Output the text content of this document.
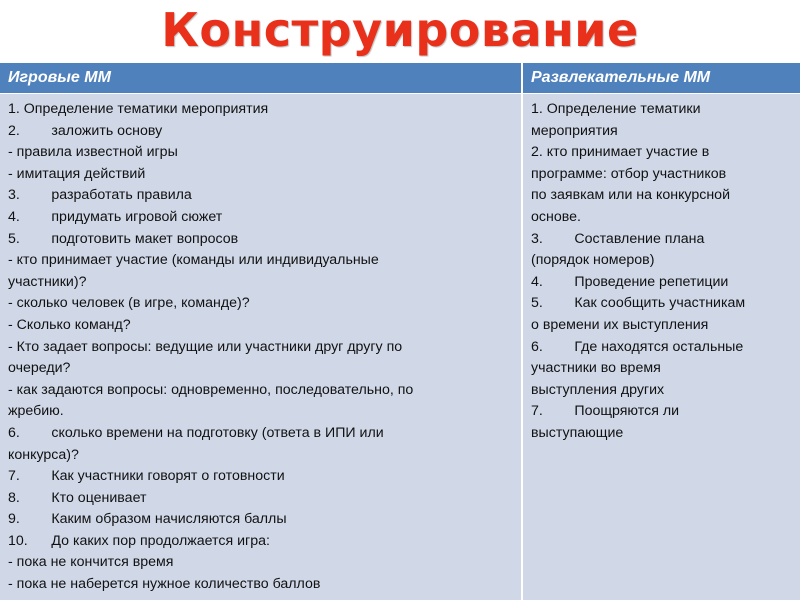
Конструирование
Игровые ММ	Развлекательные ММ
1. Определение тематики мероприятия
2.        заложить основу
- правила известной игры
- имитация действий
3.        разработать правила
4.        придумать игровой сюжет
5.        подготовить макет вопросов
- кто принимает участие (команды или индивидуальные
участники)?
- сколько человек (в игре, команде)?
- Сколько команд?
- Кто задает вопросы: ведущие или участники друг другу по
очереди?
- как задаются вопросы: одновременно, последовательно, по
жребию.
6.        сколько времени на подготовку (ответа в ИПИ или
конкурса)?
7.        Как участники говорят о готовности
8.        Кто оценивает
9.        Каким образом начисляются баллы
10.      До каких пор продолжается игра:
- пока не кончится время
- пока не наберется нужное количество баллов
1. Определение тематики
мероприятия
2. кто принимает участие в
программе: отбор участников
по заявкам или на конкурсной
основе.
3.        Составление плана
(порядок номеров)
4.        Проведение репетиции
5.        Как сообщить участникам
о времени их выступления
6.        Где находятся остальные
участники во время
выступления других
7.        Поощряются ли
выступающие
